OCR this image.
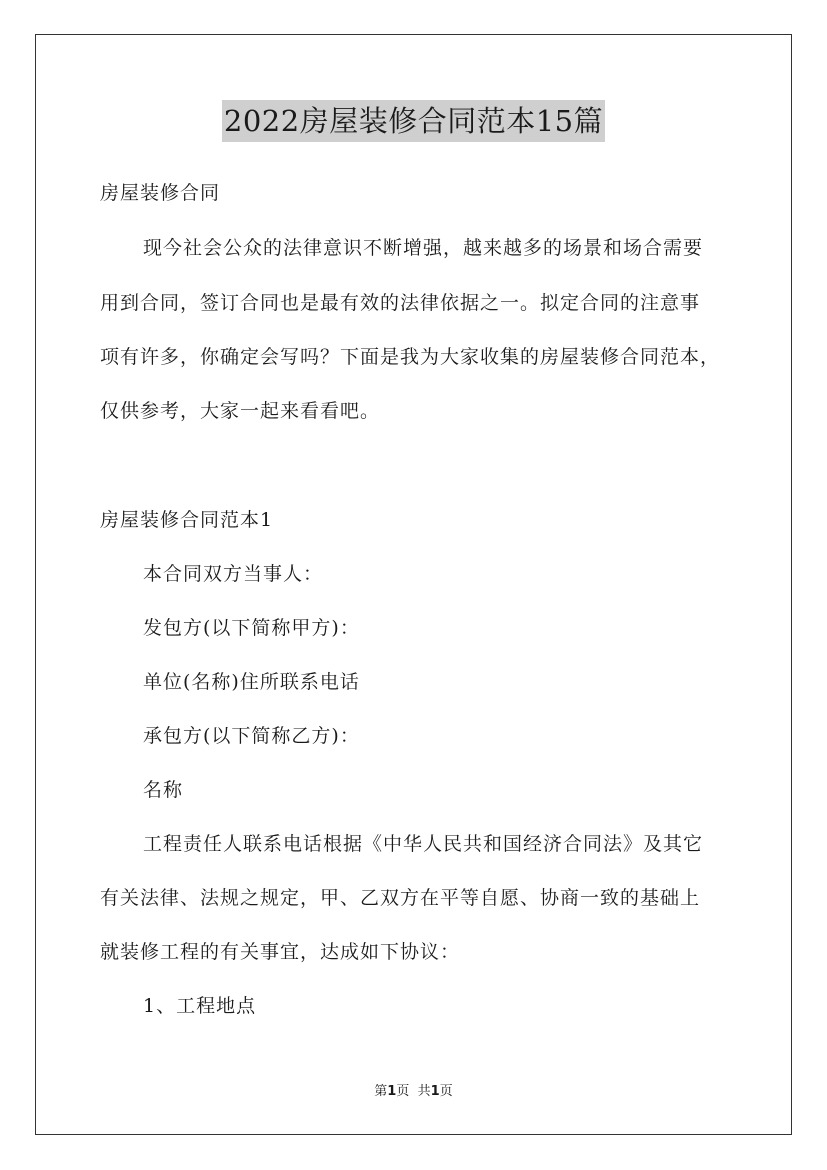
2022房屋装修合同范本15篇
房屋装修合同
现今社会公众的法律意识不断增强，越来越多的场景和场合需要
用到合同，签订合同也是最有效的法律依据之一。拟定合同的注意事
项有许多，你确定会写吗？下面是我为大家收集的房屋装修合同范本，
仅供参考，大家一起来看看吧。
房屋装修合同范本1
本合同双方当事人：
发包方(以下简称甲方)：
单位(名称)住所联系电话
承包方(以下简称乙方)：
名称
工程责任人联系电话根据《中华人民共和国经济合同法》及其它
有关法律、法规之规定，甲、乙双方在平等自愿、协商一致的基础上
就装修工程的有关事宜，达成如下协议：
1、工程地点
第1页 共1页
